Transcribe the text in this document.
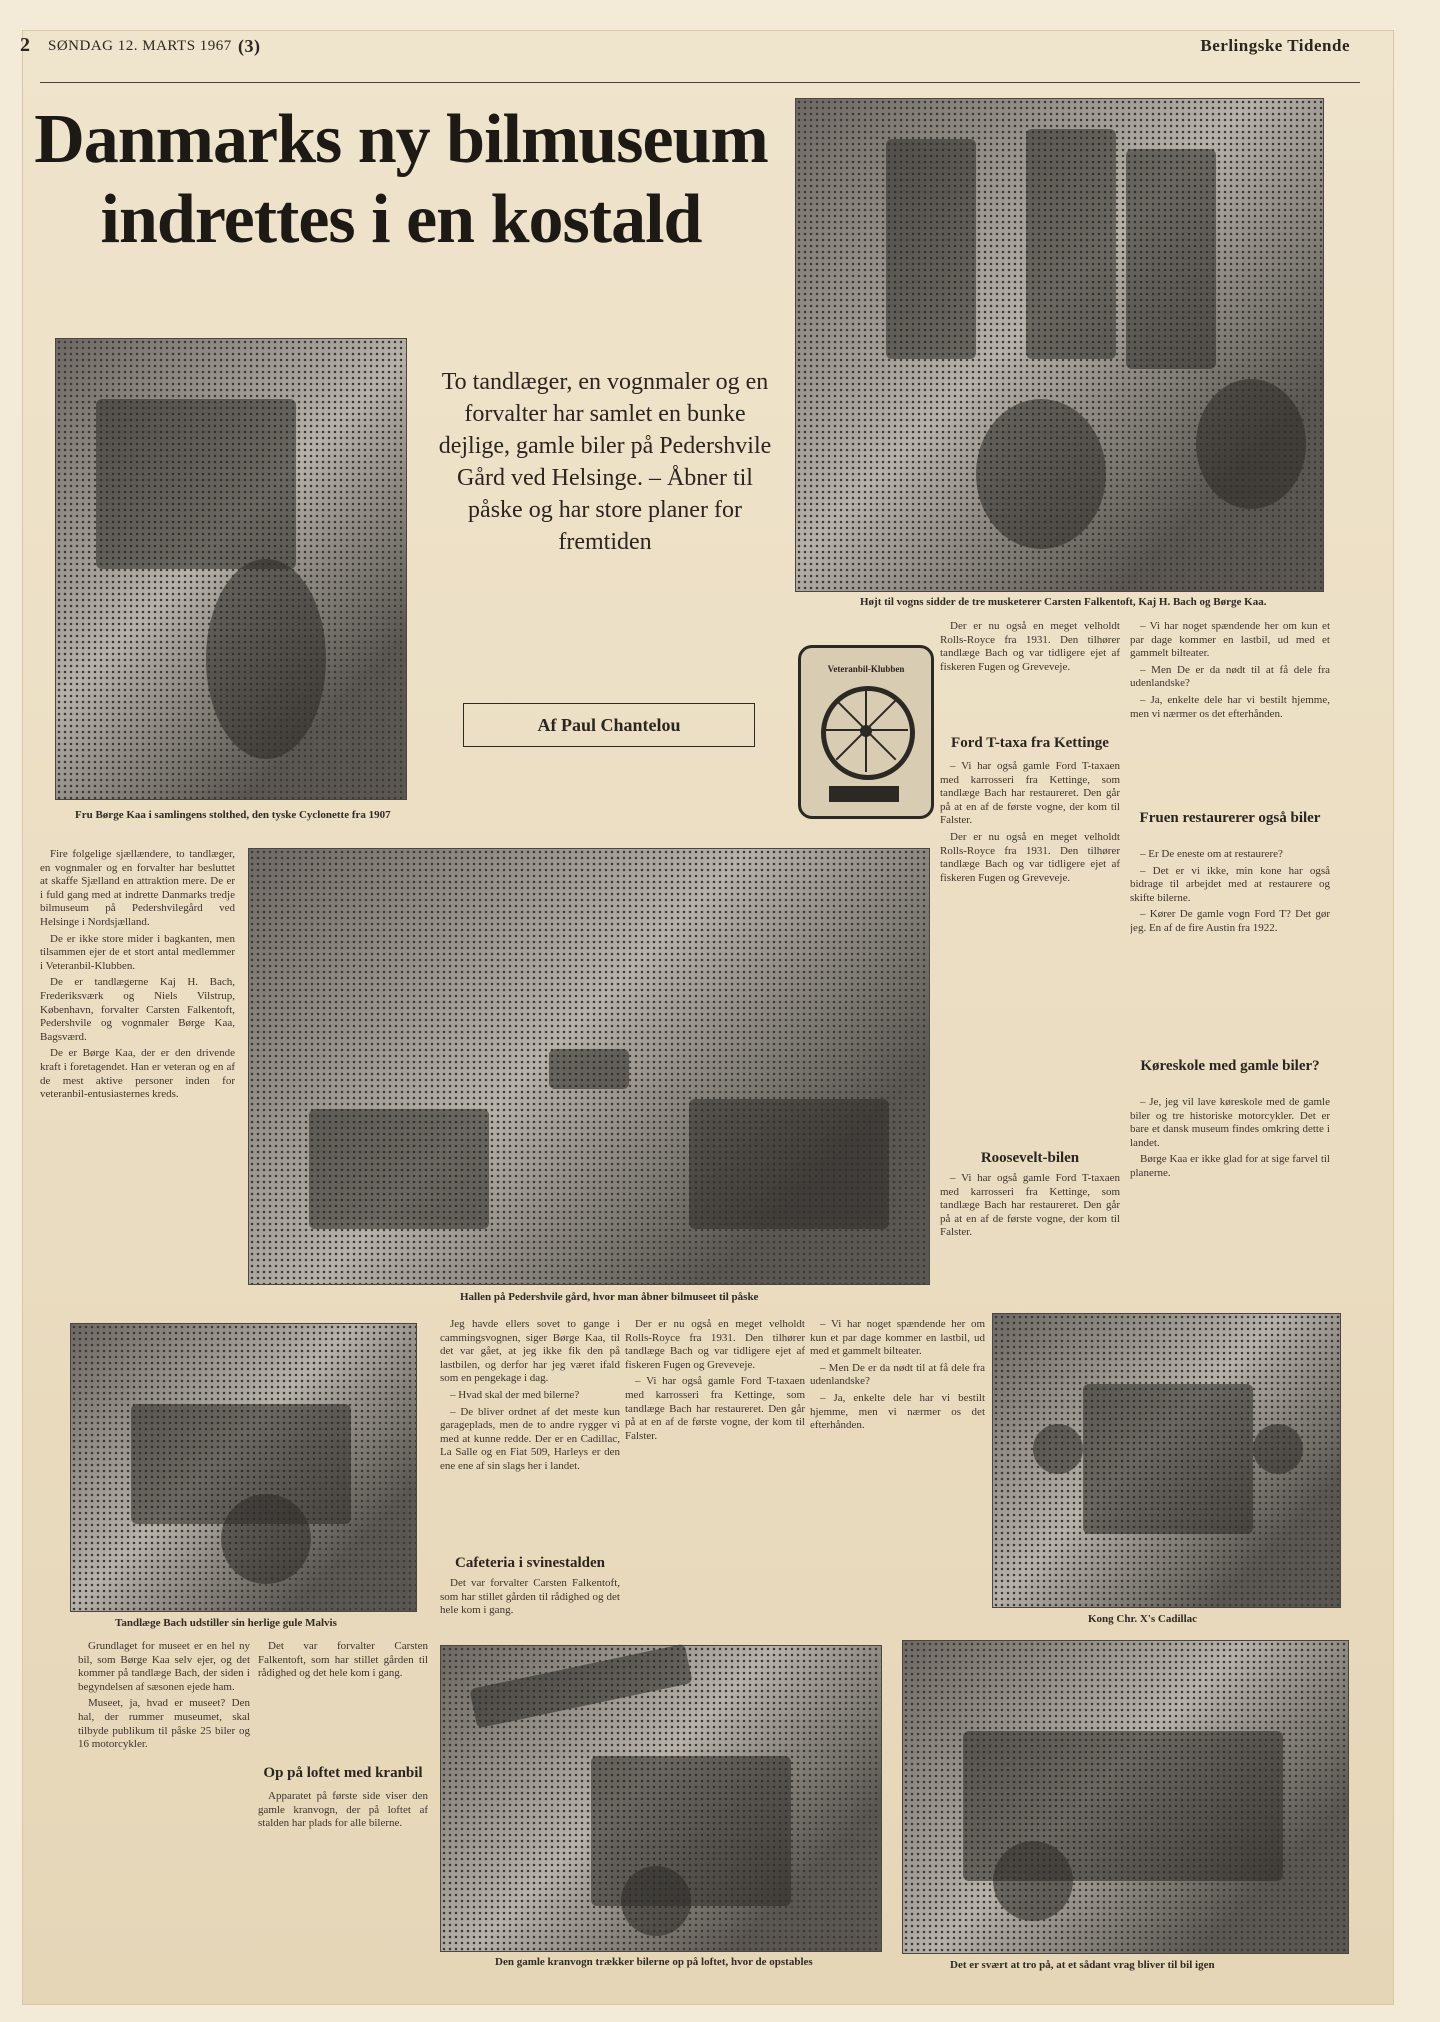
2 SØNDAG 12. MARTS 1967 (3)	Berlingske Tidende
Danmarks ny bilmuseum
indrettes i en kostald
Fru Børge Kaa i samlingens stolthed, den tyske Cyclonette fra 1907
To tandlæger, en vognmaler og en forvalter har samlet en bunke dejlige, gamle biler på Pedershvile Gård ved Helsinge. – Åbner til påske og har store planer for fremtiden
Af Paul Chantelou
Højt til vogns sidder de tre musketerer Carsten Falkentoft, Kaj H. Bach og Børge Kaa.
Veteranbil-Klubben

Der er nu også en meget velholdt Rolls-Royce fra 1931. Den tilhører tandlæge Bach og var tidligere ejet af fiskeren Fugen og Greveveje.

Ford T-taxa fra Kettinge

– Vi har også gamle Ford T-taxaen med karrosseri fra Kettinge, som tandlæge Bach har restaureret. Den går på at en af de første vogne, der kom til Falster.

Der er nu også en meget velholdt Rolls-Royce fra 1931. Den tilhører tandlæge Bach og var tidligere ejet af fiskeren Fugen og Greveveje.

Roosevelt-bilen

– Vi har også gamle Ford T-taxaen med karrosseri fra Kettinge, som tandlæge Bach har restaureret. Den går på at en af de første vogne, der kom til Falster.

– Vi har noget spændende her om kun et par dage kommer en lastbil, ud med et gammelt bilteater.

– Men De er da nødt til at få dele fra udenlandske?

– Ja, enkelte dele har vi bestilt hjemme, men vi nærmer os det efterhånden.

Fruen restaurerer også biler

– Er De eneste om at restaurere?

– Det er vi ikke, min kone har også bidrage til arbejdet med at restaurere og skifte bilerne.

– Kører De gamle vogn Ford T? Det gør jeg. En af de fire Austin fra 1922.

Køreskole med gamle biler?

– Je, jeg vil lave køreskole med de gamle biler og tre historiske motorcykler. Det er bare et dansk museum findes omkring dette i landet.

Børge Kaa er ikke glad for at sige farvel til planerne.

Fire folgelige sjællændere, to tandlæger, en vognmaler og en forvalter har besluttet at skaffe Sjælland en attraktion mere. De er i fuld gang med at indrette Danmarks tredje bilmuseum på Pedershvilegård ved Helsinge i Nordsjælland.

De er ikke store mider i bagkanten, men tilsammen ejer de et stort antal medlemmer i Veteranbil-Klubben.

De er tandlægerne Kaj H. Bach, Frederiksværk og Niels Vilstrup, København, forvalter Carsten Falkentoft, Pedershvile og vognmaler Børge Kaa, Bagsværd.

De er Børge Kaa, der er den drivende kraft i foretagendet. Han er veteran og en af de mest aktive personer inden for veteranbil-entusiasternes kreds.

Hallen på Pedershvile gård, hvor man åbner bilmuseet til påske
Tandlæge Bach udstiller sin herlige gule Malvis

Jeg havde ellers sovet to gange i cammingsvognen, siger Børge Kaa, til det var gået, at jeg ikke fik den på lastbilen, og derfor har jeg været ifald som en pengekage i dag.

– Hvad skal der med bilerne?

– De bliver ordnet af det meste kun garageplads, men de to andre rygger vi med at kunne redde. Der er en Cadillac, La Salle og en Fiat 509, Harleys er den ene ene af sin slags her i landet.

Cafeteria i svinestalden

Det var forvalter Carsten Falkentoft, som har stillet gården til rådighed og det hele kom i gang.

Der er nu også en meget velholdt Rolls-Royce fra 1931. Den tilhører tandlæge Bach og var tidligere ejet af fiskeren Fugen og Greveveje.

– Vi har også gamle Ford T-taxaen med karrosseri fra Kettinge, som tandlæge Bach har restaureret. Den går på at en af de første vogne, der kom til Falster.

– Vi har noget spændende her om kun et par dage kommer en lastbil, ud med et gammelt bilteater.

– Men De er da nødt til at få dele fra udenlandske?

– Ja, enkelte dele har vi bestilt hjemme, men vi nærmer os det efterhånden.

Kong Chr. X's Cadillac

Grundlaget for museet er en hel ny bil, som Børge Kaa selv ejer, og det kommer på tandlæge Bach, der siden i begyndelsen af sæsonen ejede ham.

Museet, ja, hvad er museet? Den hal, der rummer museumet, skal tilbyde publikum til påske 25 biler og 16 motorcykler.

Det var forvalter Carsten Falkentoft, som har stillet gården til rådighed og det hele kom i gang.

Op på loftet med kranbil

Apparatet på første side viser den gamle kranvogn, der på loftet af stalden har plads for alle bilerne.

Den gamle kranvogn trækker bilerne op på loftet, hvor de opstables	Det er svært at tro på, at et sådant vrag bliver til bil igen
